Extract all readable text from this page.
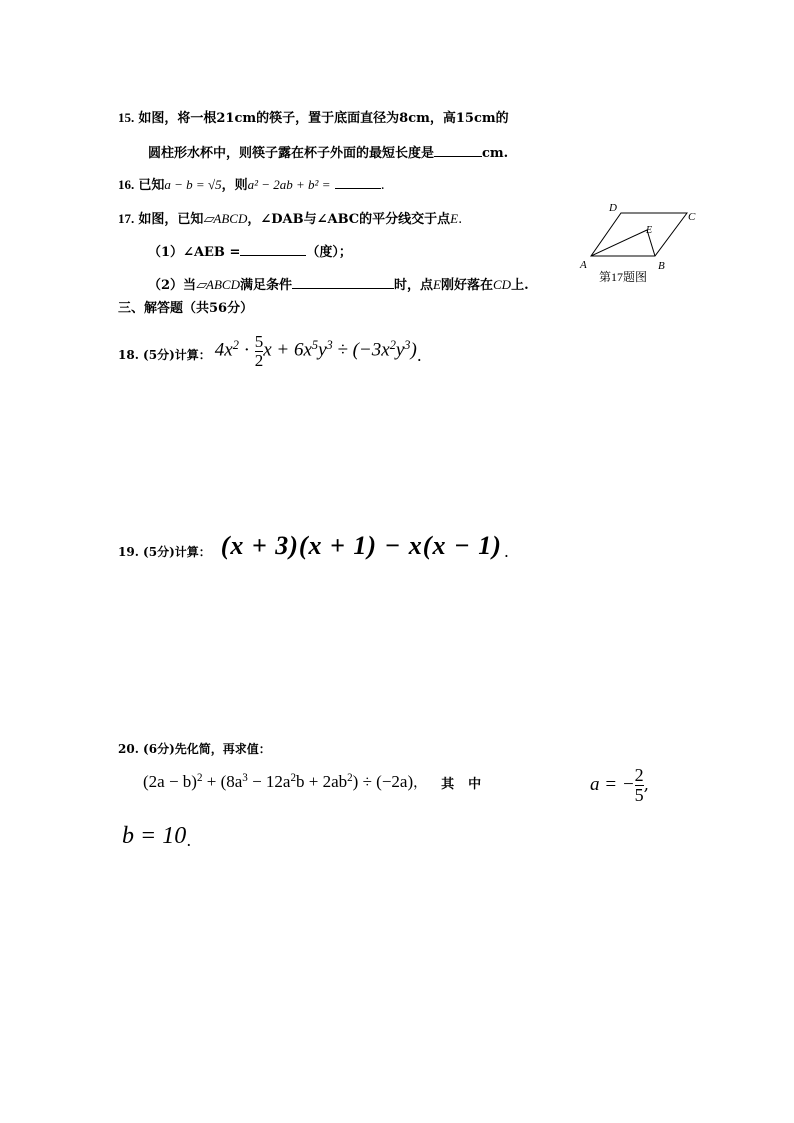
15. 如图，将一根21cm的筷子，置于底面直径为8cm，高15cm的
圆柱形水杯中，则筷子露在杯子外面的最短长度是	cm.
16. 已知a − b = √5，则a² − 2ab + b² =	.
17. 如图，已知▱ABCD，∠DAB与∠ABC的平分线交于点E.
（1）∠AEB =	（度）；
（2）当▱ABCD满足条件	时，点E刚好落在CD上.
D
C
E
A	B
第17题图
三、解答题（共56分）
18. (5分)计算： $4x^2 \cdot \frac{5}{2}$ $x + 6x^5y^3 \div (-3x^2y^3)$ .
19. (5分)计算： (x + 3)(x + 1) − x(x − 1) .
20. (6分)先化简，再求值：
$(2a - b)^2 + (8a^3 - 12a^2b + 2ab^2) \div (-2a)$ ， 其 中	a = − $\frac{2}{5}$ ,
b = 10 .
